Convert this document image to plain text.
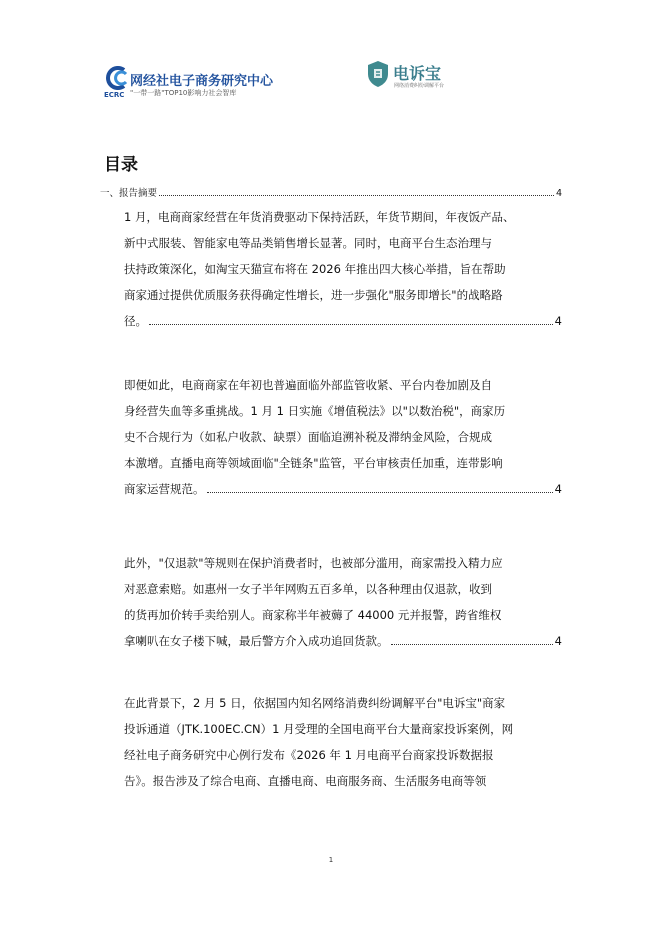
网经社电子商务研究中心
"一带一路"TOP10影响力社会智库
ECRC
电诉宝
网络消费纠纷调解平台
目录
一、报告摘要	4
1 月，电商商家经营在年货消费驱动下保持活跃，年货节期间，年夜饭产品、
新中式服装、智能家电等品类销售增长显著。同时，电商平台生态治理与
扶持政策深化，如淘宝天猫宣布将在 2026 年推出四大核心举措，旨在帮助
商家通过提供优质服务获得确定性增长，进一步强化"服务即增长"的战略路
径。	4
即便如此，电商商家在年初也普遍面临外部监管收紧、平台内卷加剧及自
身经营失血等多重挑战。1 月 1 日实施《增值税法》以"以数治税"，商家历
史不合规行为（如私户收款、缺票）面临追溯补税及滞纳金风险，合规成
本激增。直播电商等领域面临"全链条"监管，平台审核责任加重，连带影响
商家运营规范。	4
此外，"仅退款"等规则在保护消费者时，也被部分滥用，商家需投入精力应
对恶意索赔。如惠州一女子半年网购五百多单，以各种理由仅退款，收到
的货再加价转手卖给别人。商家称半年被薅了 44000 元并报警，跨省维权
拿喇叭在女子楼下喊，最后警方介入成功追回货款。	4
在此背景下，2 月 5 日，依据国内知名网络消费纠纷调解平台"电诉宝"商家
投诉通道（JTK.100EC.CN）1 月受理的全国电商平台大量商家投诉案例，网
经社电子商务研究中心例行发布《2026 年 1 月电商平台商家投诉数据报
告》。报告涉及了综合电商、直播电商、电商服务商、生活服务电商等领
1
